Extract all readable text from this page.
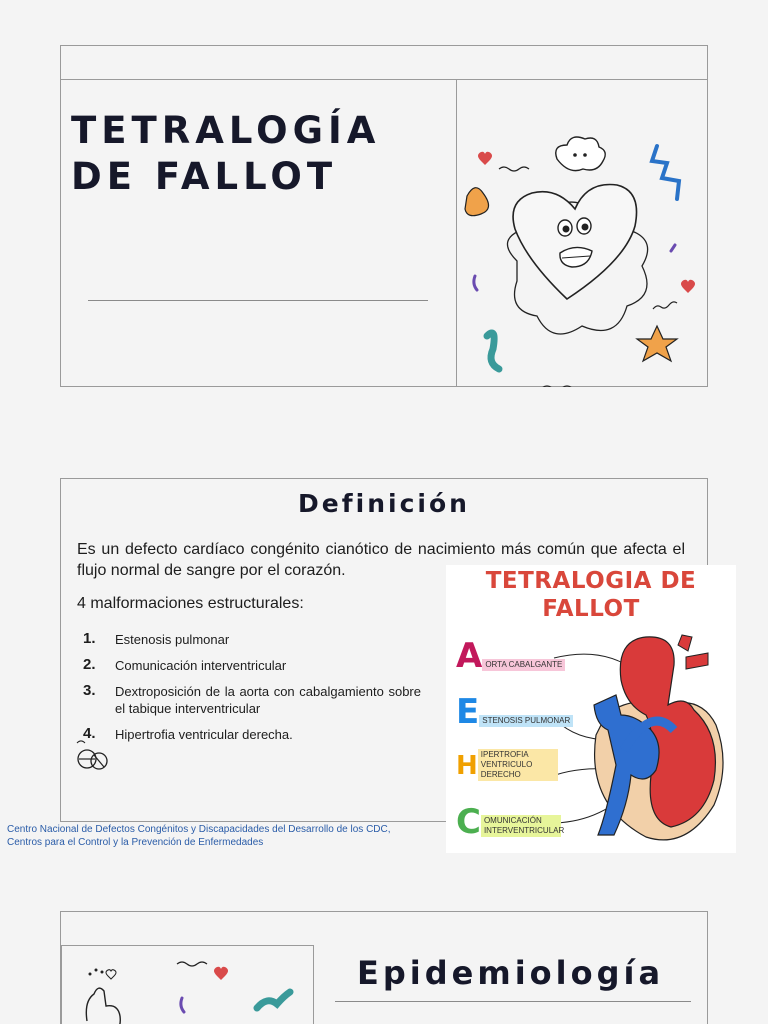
TETRALOGÍA
DE FALLOT
Definición

Es un defecto cardíaco congénito cianótico de nacimiento más común que afecta el flujo normal de sangre por el corazón.

4 malformaciones estructurales:
1. Estenosis pulmonar
2. Comunicación interventricular
3. Dextroposición de la aorta con cabalgamiento sobre el tabique interventricular
4. Hipertrofia ventricular derecha.
Centro Nacional de Defectos Congénitos y Discapacidades del Desarrollo de los CDC,
Centros para el Control y la Prevención de Enfermedades
TETRALOGIA DE
FALLOT
A ORTA CABALGANTE
E STENOSIS PULMONAR
H IPERTROFIA VENTRICULO DERECHO
C OMUNICACIÓN INTERVENTRICULAR
Epidemiología
